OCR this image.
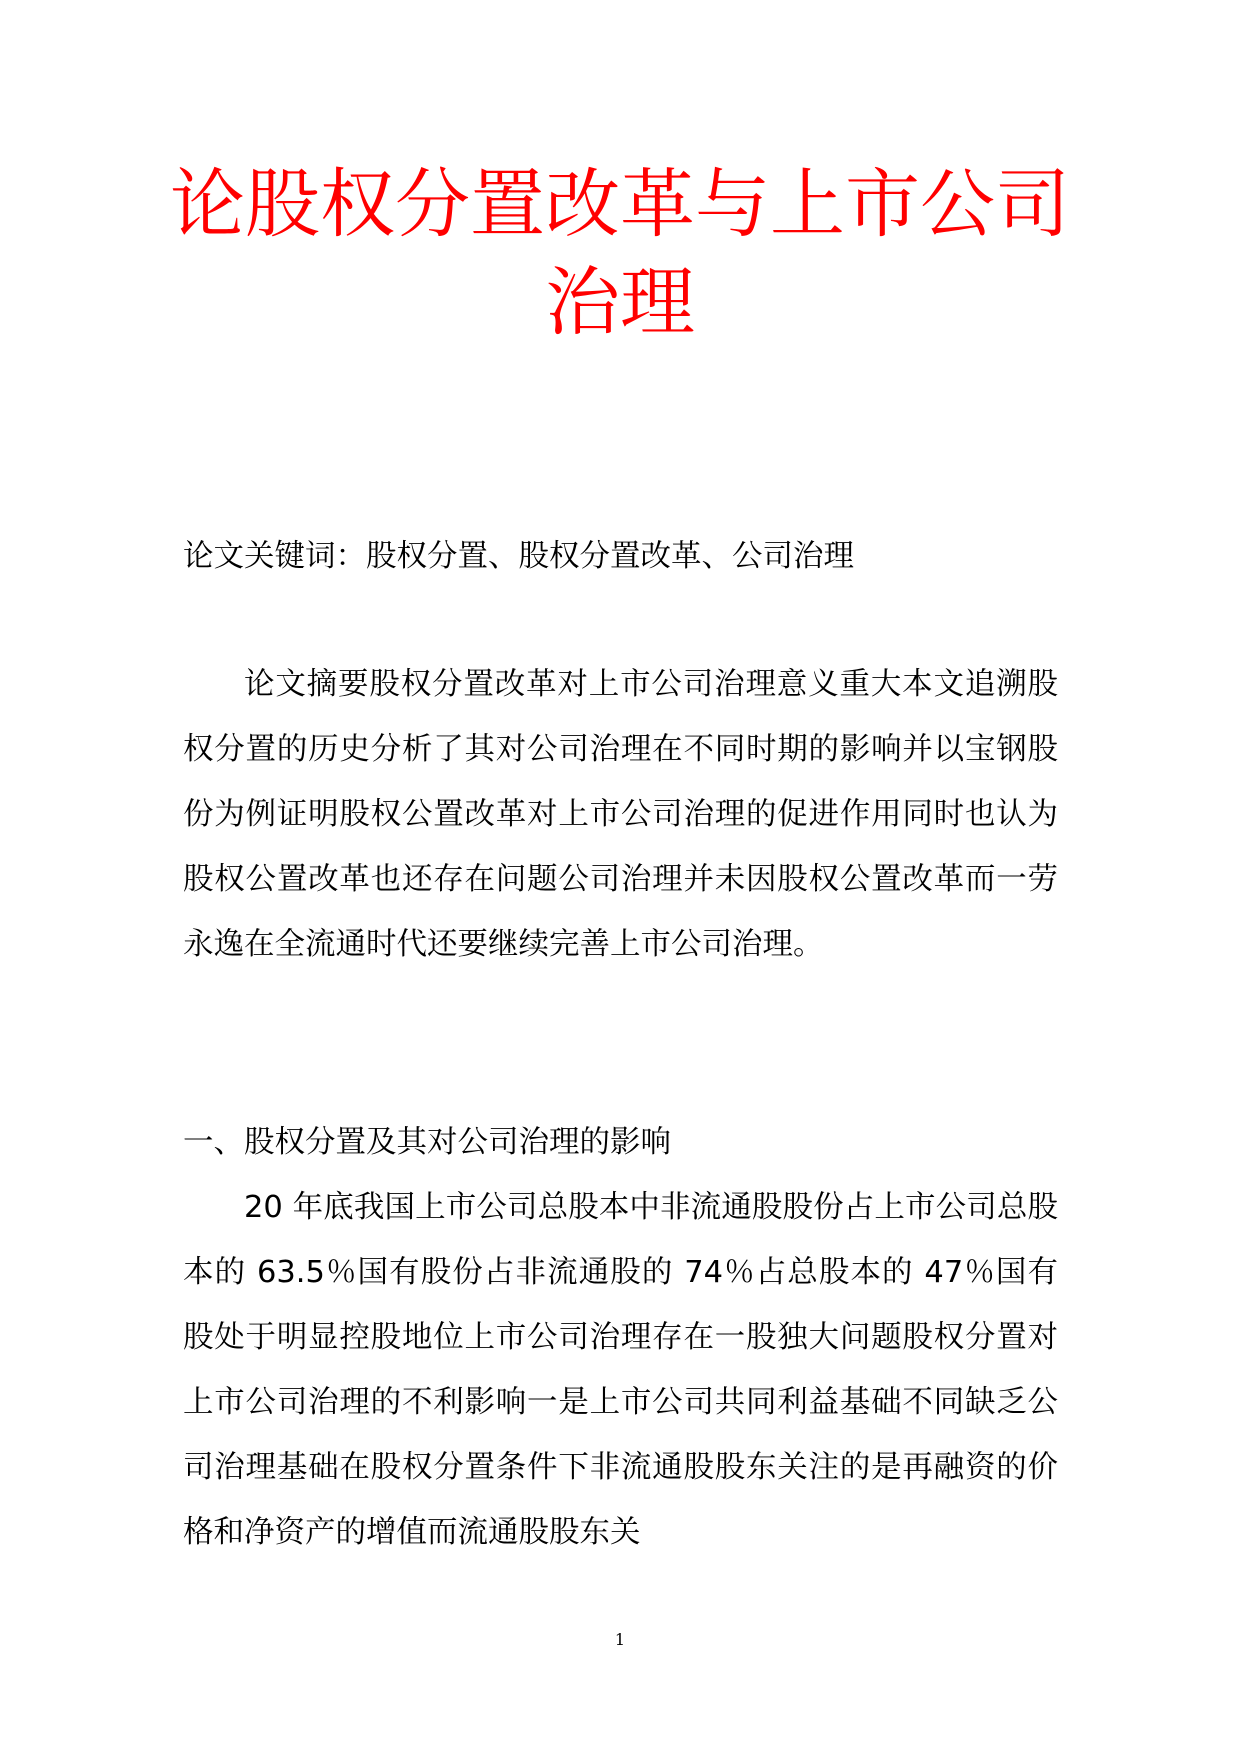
论股权分置改革与上市公司治理

论文关键词：股权分置、股权分置改革、公司治理

论文摘要股权分置改革对上市公司治理意义重大本文追溯股权分置的历史分析了其对公司治理在不同时期的影响并以宝钢股份为例证明股权公置改革对上市公司治理的促进作用同时也认为股权公置改革也还存在问题公司治理并未因股权公置改革而一劳永逸在全流通时代还要继续完善上市公司治理。

一、股权分置及其对公司治理的影响

20 年底我国上市公司总股本中非流通股股份占上市公司总股本的 63.5％国有股份占非流通股的 74％占总股本的 47％国有股处于明显控股地位上市公司治理存在一股独大问题股权分置对上市公司治理的不利影响一是上市公司共同利益基础不同缺乏公司治理基础在股权分置条件下非流通股股东关注的是再融资的价格和净资产的增值而流通股股东关

1
